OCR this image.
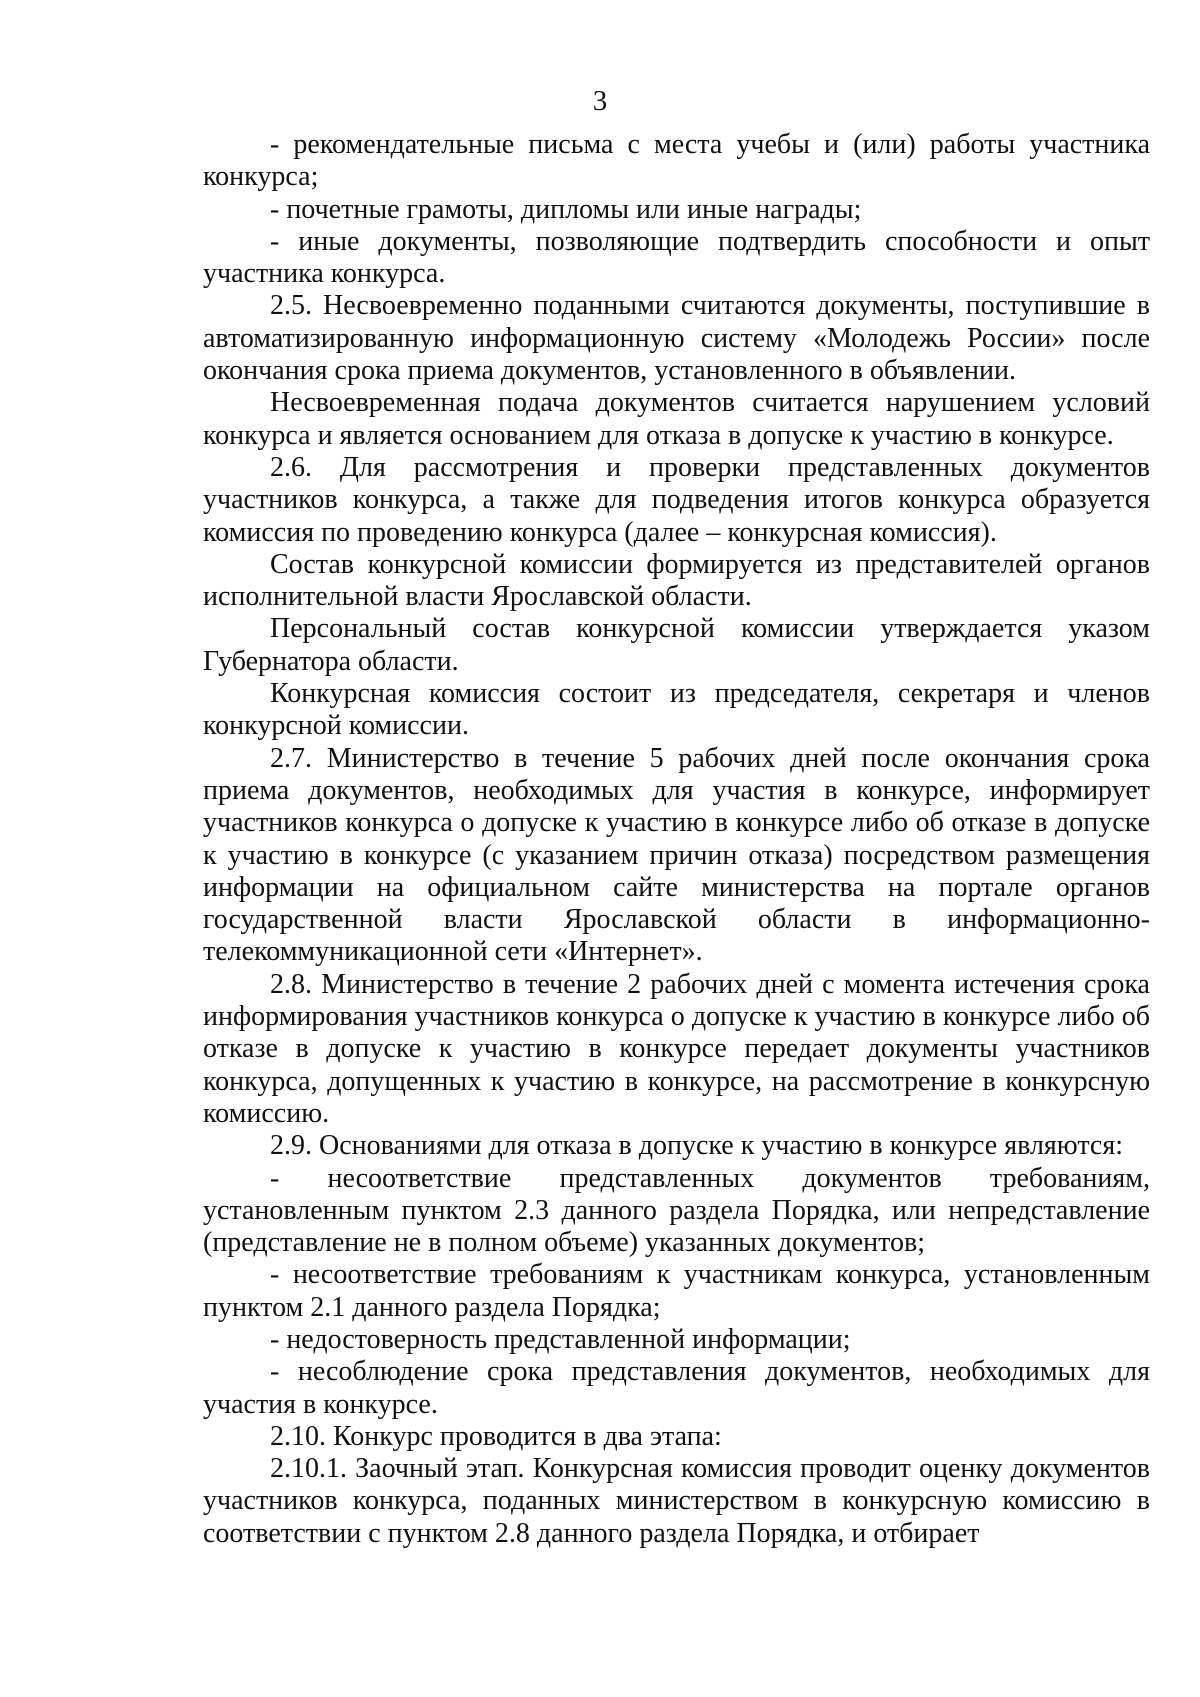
3

- рекомендательные письма с места учебы и (или) работы участника конкурса;

- почетные грамоты, дипломы или иные награды;

- иные документы, позволяющие подтвердить способности и опыт участника конкурса.

2.5. Несвоевременно поданными считаются документы, поступившие в автоматизированную информационную систему «Молодежь России» после окончания срока приема документов, установленного в объявлении.

Несвоевременная подача документов считается нарушением условий конкурса и является основанием для отказа в допуске к участию в конкурсе.

2.6. Для рассмотрения и проверки представленных документов участников конкурса, а также для подведения итогов конкурса образуется комиссия по проведению конкурса (далее – конкурсная комиссия).

Состав конкурсной комиссии формируется из представителей органов исполнительной власти Ярославской области.

Персональный состав конкурсной комиссии утверждается указом Губернатора области.

Конкурсная комиссия состоит из председателя, секретаря и членов конкурсной комиссии.

2.7. Министерство в течение 5 рабочих дней после окончания срока приема документов, необходимых для участия в конкурсе, информирует участников конкурса о допуске к участию в конкурсе либо об отказе в допуске к участию в конкурсе (с указанием причин отказа) посредством размещения информации на официальном сайте министерства на портале органов государственной власти Ярославской области в информационно-телекоммуникационной сети «Интернет».

2.8. Министерство в течение 2 рабочих дней с момента истечения срока информирования участников конкурса о допуске к участию в конкурсе либо об отказе в допуске к участию в конкурсе передает документы участников конкурса, допущенных к участию в конкурсе, на рассмотрение в конкурсную комиссию.

2.9. Основаниями для отказа в допуске к участию в конкурсе являются:

- несоответствие представленных документов требованиям, установленным пунктом 2.3 данного раздела Порядка, или непредставление (представление не в полном объеме) указанных документов;

- несоответствие требованиям к участникам конкурса, установленным пунктом 2.1 данного раздела Порядка;

- недостоверность представленной информации;

- несоблюдение срока представления документов, необходимых для участия в конкурсе.

2.10. Конкурс проводится в два этапа:

2.10.1. Заочный этап. Конкурсная комиссия проводит оценку документов участников конкурса, поданных министерством в конкурсную комиссию в соответствии с пунктом 2.8 данного раздела Порядка, и отбирает
